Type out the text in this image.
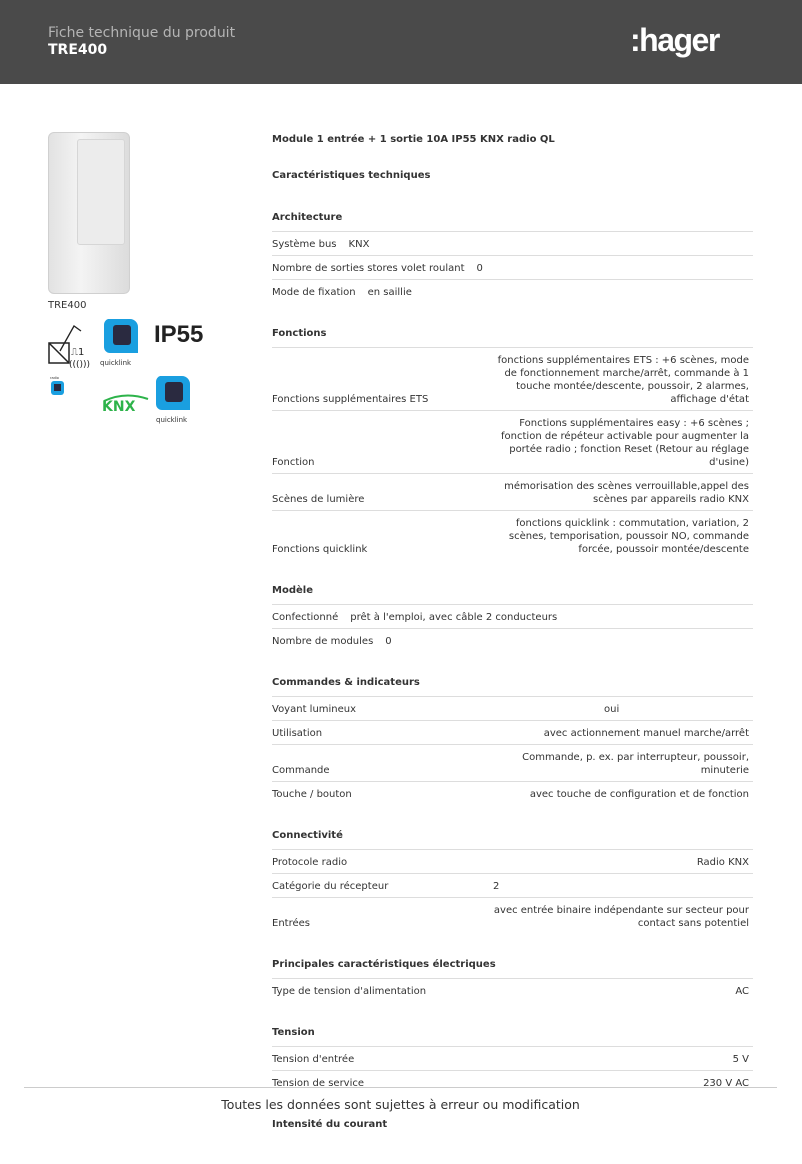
Fiche technique du produit
TRE400	:hager
TRE400
⎍1
((())) quicklink
IP55
radio
KNX
quicklink
Module 1 entrée + 1 sortie 10A IP55 KNX radio QL
Caractéristiques techniques
Architecture
Système bus KNX
Nombre de sorties stores volet roulant 0
Mode de fixation en saillie
Fonctions
Fonctions supplémentaires ETS
fonctions supplémentaires ETS : +6 scènes, mode de fonctionnement marche/arrêt, commande à 1 touche montée/descente, poussoir, 2 alarmes, affichage d'état
Fonction
Fonctions supplémentaires easy : +6 scènes ; fonction de répéteur activable pour augmenter la portée radio ; fonction Reset (Retour au réglage d'usine)
Scènes de lumière
mémorisation des scènes verrouillable,appel des scènes par appareils radio KNX
Fonctions quicklink
fonctions quicklink : commutation, variation, 2 scènes, temporisation, poussoir NO, commande forcée, poussoir montée/descente
Modèle
Confectionné prêt à l'emploi, avec câble 2 conducteurs
Nombre de modules 0
Commandes & indicateurs
Voyant lumineux	oui
Utilisation	avec actionnement manuel marche/arrêt
Commande
Commande, p. ex. par interrupteur, poussoir, minuterie
Touche / bouton	avec touche de configuration et de fonction
Connectivité
Protocole radio	Radio KNX
Catégorie du récepteur	2
Entrées
avec entrée binaire indépendante sur secteur pour contact sans potentiel
Principales caractéristiques électriques
Type de tension d'alimentation	AC
Tension
Tension d'entrée	5 V
Tension de service	230 V AC
Intensité du courant
Toutes les données sont sujettes à erreur ou modification
